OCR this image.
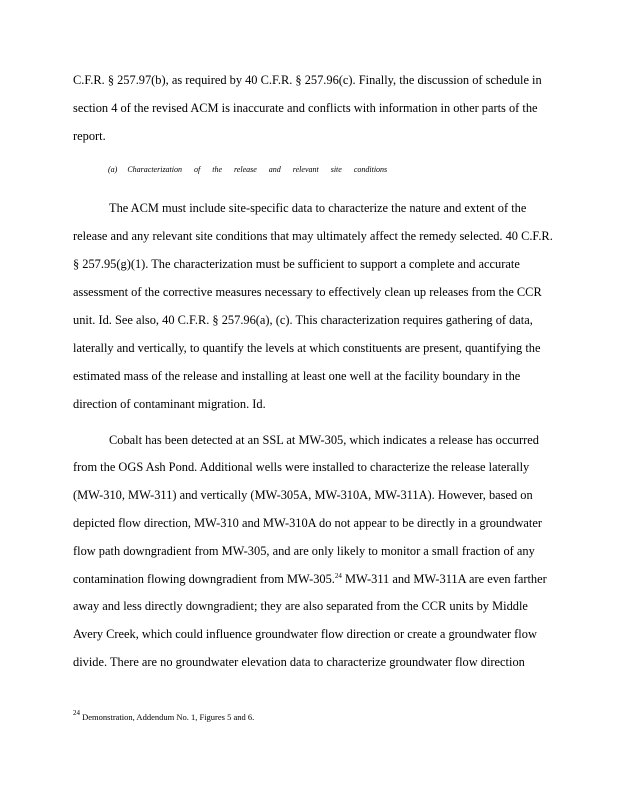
C.F.R. § 257.97(b), as required by 40 C.F.R. § 257.96(c). Finally, the discussion of schedule in
section 4 of the revised ACM is inaccurate and conflicts with information in other parts of the
report.
(a) Characterization of the release and relevant site conditions
The ACM must include site-specific data to characterize the nature and extent of the
release and any relevant site conditions that may ultimately affect the remedy selected. 40 C.F.R.
§ 257.95(g)(1). The characterization must be sufficient to support a complete and accurate
assessment of the corrective measures necessary to effectively clean up releases from the CCR
unit. Id. See also, 40 C.F.R. § 257.96(a), (c). This characterization requires gathering of data,
laterally and vertically, to quantify the levels at which constituents are present, quantifying the
estimated mass of the release and installing at least one well at the facility boundary in the
direction of contaminant migration. Id.
Cobalt has been detected at an SSL at MW-305, which indicates a release has occurred
from the OGS Ash Pond. Additional wells were installed to characterize the release laterally
(MW-310, MW-311) and vertically (MW-305A, MW-310A, MW-311A). However, based on
depicted flow direction, MW-310 and MW-310A do not appear to be directly in a groundwater
flow path downgradient from MW-305, and are only likely to monitor a small fraction of any
contamination flowing downgradient from MW-305.24 MW-311 and MW-311A are even farther
away and less directly downgradient; they are also separated from the CCR units by Middle
Avery Creek, which could influence groundwater flow direction or create a groundwater flow
divide. There are no groundwater elevation data to characterize groundwater flow direction
$^{24}$ Demonstration, Addendum No. 1, Figures 5 and 6.
